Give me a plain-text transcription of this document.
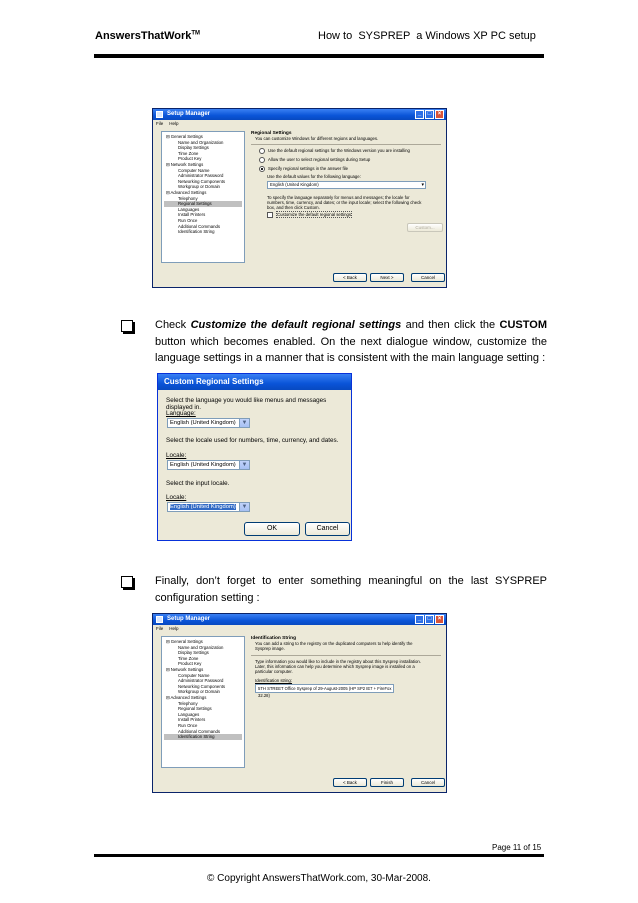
AnswersThatWork™	How to  SYSPREP  a Windows XP PC setup
Setup Manager	_	□	×
File Help
⊟ General Settings
Name and Organization
Display Settings
Time Zone
Product Key
⊟ Network Settings
Computer Name
Administrator Password
Networking Components
Workgroup or Domain
⊟ Advanced Settings
Telephony
Regional Settings
Languages
Install Printers
Run Once
Additional Commands
Identification String
Regional Settings
You can customize Windows for different regions and languages.
Use the default regional settings for the Windows version you are installing
Allow the user to select regional settings during Setup
Specify regional settings in the answer file
Use the default values for the following language:
English (United Kingdom) ▾
To specify the language separately for menus and messages; the locale for numbers, time, currency, and dates; or the input locale; select the following check box, and then click Custom.
Customize the default regional settings
Custom...
< Back	Next >	Cancel
Check Customize the default regional settings and then click the CUSTOM button which becomes enabled. On the next dialogue window, customize the language settings in a manner that is consistent with the main language setting :
Custom Regional Settings
Select the language you would like menus and messages displayed in.
Language:
English (United Kingdom) ▼
Select the locale used for numbers, time, currency, and dates.
Locale:
English (United Kingdom) ▼
Select the input locale.
Locale:
English (United Kingdom) ▼
OK	Cancel
Finally, don’t forget to enter something meaningful on the last SYSPREP configuration setting :
Setup Manager	_	□	×
File Help
⊟ General Settings
Name and Organization
Display Settings
Time Zone
Product Key
⊟ Network Settings
Computer Name
Administrator Password
Networking Components
Workgroup or Domain
⊟ Advanced Settings
Telephony
Regional Settings
Languages
Install Printers
Run Once
Additional Commands
Identification String
Identification String
You can add a string to the registry on the duplicated computers to help identify the Sysprep image.
Type information you would like to include in the registry about this Sysprep installation. Later, this information can help you determine which Sysprep image is installed on a particular computer.
Identification string:
5TH STREET Office Sysprep of 29-August-2005 (HP SP2 IE7 + FireFox 32.28)
< Back	Finish	Cancel
Page 11 of 15
© Copyright AnswersThatWork.com, 30-Mar-2008.
